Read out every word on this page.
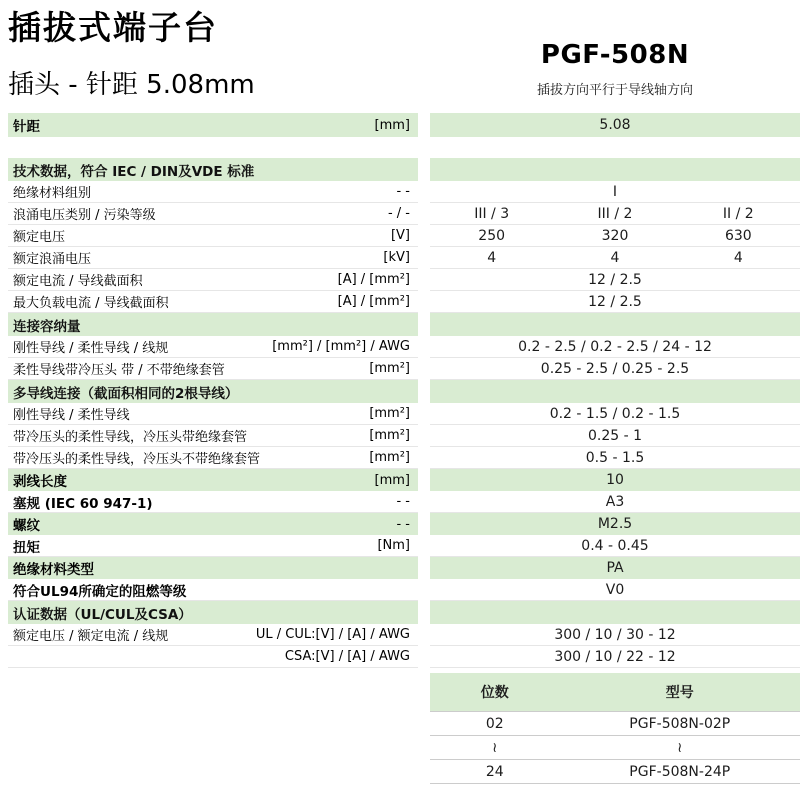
插拔式端子台
插头 - 针距 5.08mm
PGF-508N
插拔方向平行于导线轴方向
针距	[mm]	5.08
技术数据，符合 IEC / DIN及VDE 标准
绝缘材料组别	- -	I
浪涌电压类别 / 污染等级	- / -	III / 3	III / 2	II / 2
额定电压	[V]	250	320	630
额定浪涌电压	[kV]	4	4	4
额定电流 / 导线截面积	[A] / [mm²]	12 / 2.5
最大负载电流 / 导线截面积	[A] / [mm²]	12 / 2.5
连接容纳量
刚性导线 / 柔性导线 / 线规	[mm²] / [mm²] / AWG	0.2 - 2.5 / 0.2 - 2.5 / 24 - 12
柔性导线带冷压头 带 / 不带绝缘套管	[mm²]	0.25 - 2.5 / 0.25 - 2.5
多导线连接（截面积相同的2根导线）
刚性导线 / 柔性导线	[mm²]	0.2 - 1.5 / 0.2 - 1.5
带冷压头的柔性导线，冷压头带绝缘套管	[mm²]	0.25 - 1
带冷压头的柔性导线，冷压头不带绝缘套管	[mm²]	0.5 - 1.5
剥线长度	[mm]	10
塞规 (IEC 60 947-1)	- -	A3
螺纹	- -	M2.5
扭矩	[Nm]	0.4 - 0.45
绝缘材料类型	PA
符合UL94所确定的阻燃等级	V0
认证数据（UL/CUL及CSA）
额定电压 / 额定电流 / 线规	UL / CUL:[V] / [A] / AWG	300 / 10 / 30 - 12
CSA:[V] / [A] / AWG	300 / 10 / 22 - 12
位数	型号
02	PGF-508N-02P
≀	≀
24	PGF-508N-24P
